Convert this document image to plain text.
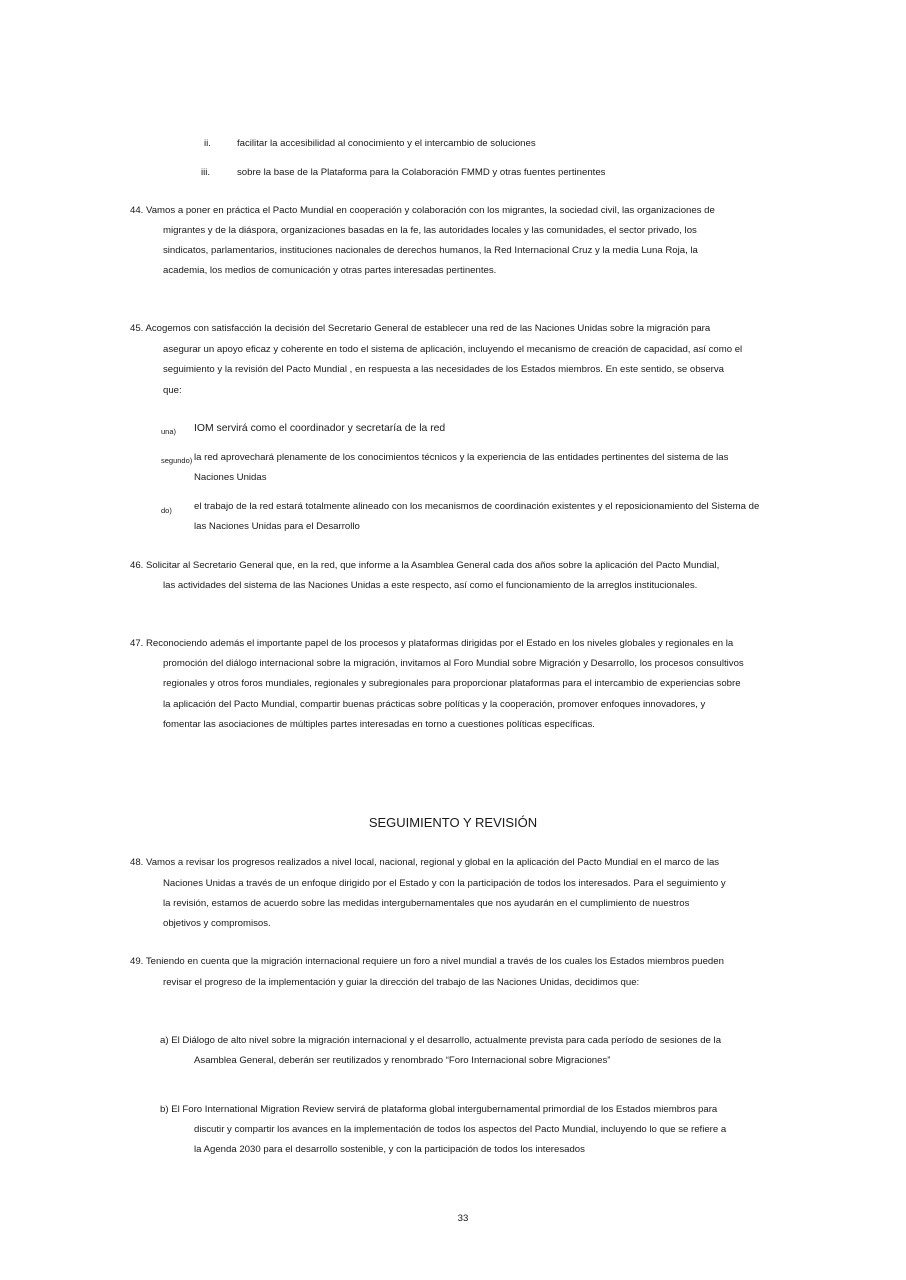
ii.	facilitar la accesibilidad al conocimiento y el intercambio de soluciones
iii.	sobre la base de la Plataforma para la Colaboración FMMD y otras fuentes pertinentes
44. Vamos a poner en práctica el Pacto Mundial en cooperación y colaboración con los migrantes, la sociedad civil, las organizaciones de
migrantes y de la diáspora, organizaciones basadas en la fe, las autoridades locales y las comunidades, el sector privado, los
sindicatos, parlamentarios, instituciones nacionales de derechos humanos, la Red Internacional Cruz y la media Luna Roja, la
academia, los medios de comunicación y otras partes interesadas pertinentes.
45. Acogemos con satisfacción la decisión del Secretario General de establecer una red de las Naciones Unidas sobre la migración para
asegurar un apoyo eficaz y coherente en todo el sistema de aplicación, incluyendo el mecanismo de creación de capacidad, así como el
seguimiento y la revisión del Pacto Mundial , en respuesta a las necesidades de los Estados miembros. En este sentido, se observa
que:
una) IOM servirá como el coordinador y secretaría de la red
segundo) la red aprovechará plenamente de los conocimientos técnicos y la experiencia de las entidades pertinentes del sistema de las
Naciones Unidas
do) el trabajo de la red estará totalmente alineado con los mecanismos de coordinación existentes y el reposicionamiento del Sistema de
las Naciones Unidas para el Desarrollo
46. Solicitar al Secretario General que, en la red, que informe a la Asamblea General cada dos años sobre la aplicación del Pacto Mundial,
las actividades del sistema de las Naciones Unidas a este respecto, así como el funcionamiento de la arreglos institucionales.
47. Reconociendo además el importante papel de los procesos y plataformas dirigidas por el Estado en los niveles globales y regionales en la
promoción del diálogo internacional sobre la migración, invitamos al Foro Mundial sobre Migración y Desarrollo, los procesos consultivos
regionales y otros foros mundiales, regionales y subregionales para proporcionar plataformas para el intercambio de experiencias sobre
la aplicación del Pacto Mundial, compartir buenas prácticas sobre políticas y la cooperación, promover enfoques innovadores, y
fomentar las asociaciones de múltiples partes interesadas en torno a cuestiones políticas específicas.
SEGUIMIENTO Y REVISIÓN
48. Vamos a revisar los progresos realizados a nivel local, nacional, regional y global en la aplicación del Pacto Mundial en el marco de las
Naciones Unidas a través de un enfoque dirigido por el Estado y con la participación de todos los interesados. Para el seguimiento y
la revisión, estamos de acuerdo sobre las medidas intergubernamentales que nos ayudarán en el cumplimiento de nuestros
objetivos y compromisos.
49. Teniendo en cuenta que la migración internacional requiere un foro a nivel mundial a través de los cuales los Estados miembros pueden
revisar el progreso de la implementación y guiar la dirección del trabajo de las Naciones Unidas, decidimos que:
a) El Diálogo de alto nivel sobre la migración internacional y el desarrollo, actualmente prevista para cada período de sesiones de la
Asamblea General, deberán ser reutilizados y renombrado “Foro Internacional sobre Migraciones”
b) El Foro International Migration Review servirá de plataforma global intergubernamental primordial de los Estados miembros para
discutir y compartir los avances en la implementación de todos los aspectos del Pacto Mundial, incluyendo lo que se refiere a
la Agenda 2030 para el desarrollo sostenible, y con la participación de todos los interesados
33
